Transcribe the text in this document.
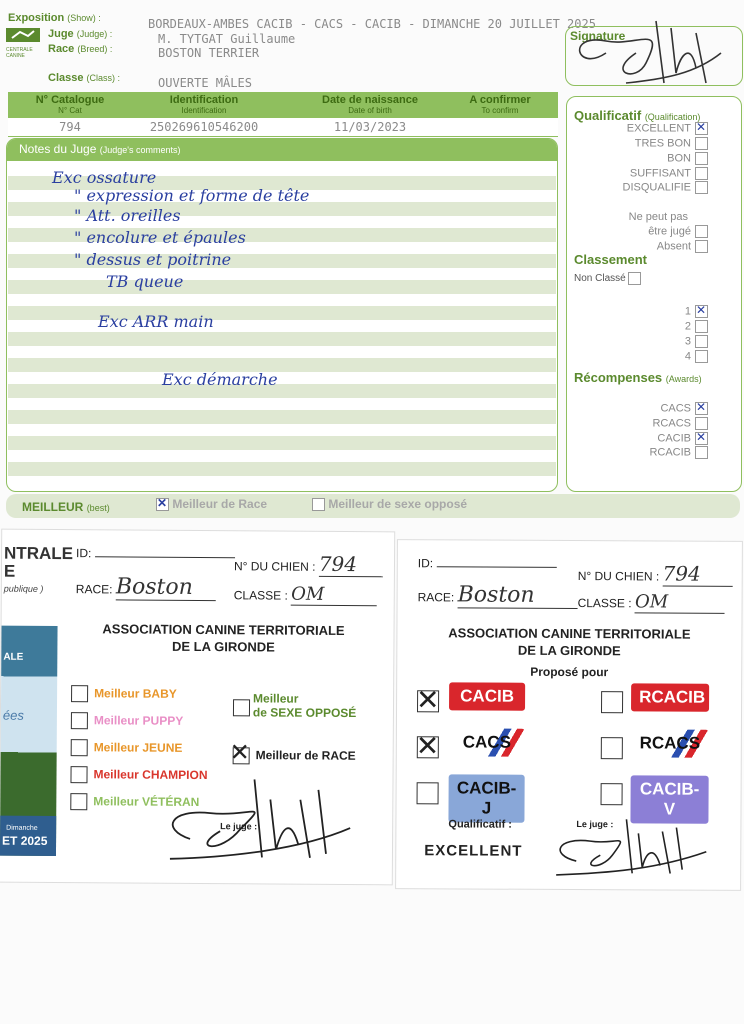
Exposition (Show) :
CENTRALE CANINE
Juge (Judge) :
Race (Breed) :
Classe (Class) :
BORDEAUX-AMBES CACIB - CACS - CACIB - DIMANCHE 20 JUILLET 2025
M. TYTGAT Guillaume
BOSTON TERRIER
OUVERTE MÂLES
Signature
N° Catalogue
N° Cat
794
Identification
Identification
250269610546200
Date de naissance
Date of birth
11/03/2023
A confirmer
To confirm
Notes du Juge (Judge's comments)
Exc ossature
" expression et forme de tête
" Att. oreilles
" encolure et épaules
" dessus et poitrine
TB queue
Exc ARR main
Exc démarche
Qualificatif (Qualification)
EXCELLENT✕
TRES BON
BON
SUFFISANT
DISQUALIFIE
Ne peut pas
être jugé
Absent
Classement
Non Classé
1✕
2
3
4
Récompenses (Awards)
CACS✕
RCACS
CACIB✕
RCACIB
MEILLEUR (best)
✕	Meilleur de Race	Meilleur de sexe opposé
NTRALE
E
publique )
ALE
ées
Dimanche
ET 2025
ID:
N° DU CHIEN : 794
RACE: Boston	CLASSE : OM
ASSOCIATION CANINE TERRITORIALE
DE LA GIRONDE
Meilleur BABY
Meilleur PUPPY
Meilleur JEUNE
Meilleur CHAMPION
Meilleur VÉTÉRAN
Meilleur
de SEXE OPPOSÉ
✕Meilleur de RACE
Le juge :
ID:
N° DU CHIEN : 794
RACE: Boston	CLASSE : OM
ASSOCIATION CANINE TERRITORIALE
DE LA GIRONDE
Proposé pour
✕
CACIB	RCACIB
✕
CACS	RCACS
CACIB-J
CACIB-V
Qualificatif :
EXCELLENT
Le juge :
